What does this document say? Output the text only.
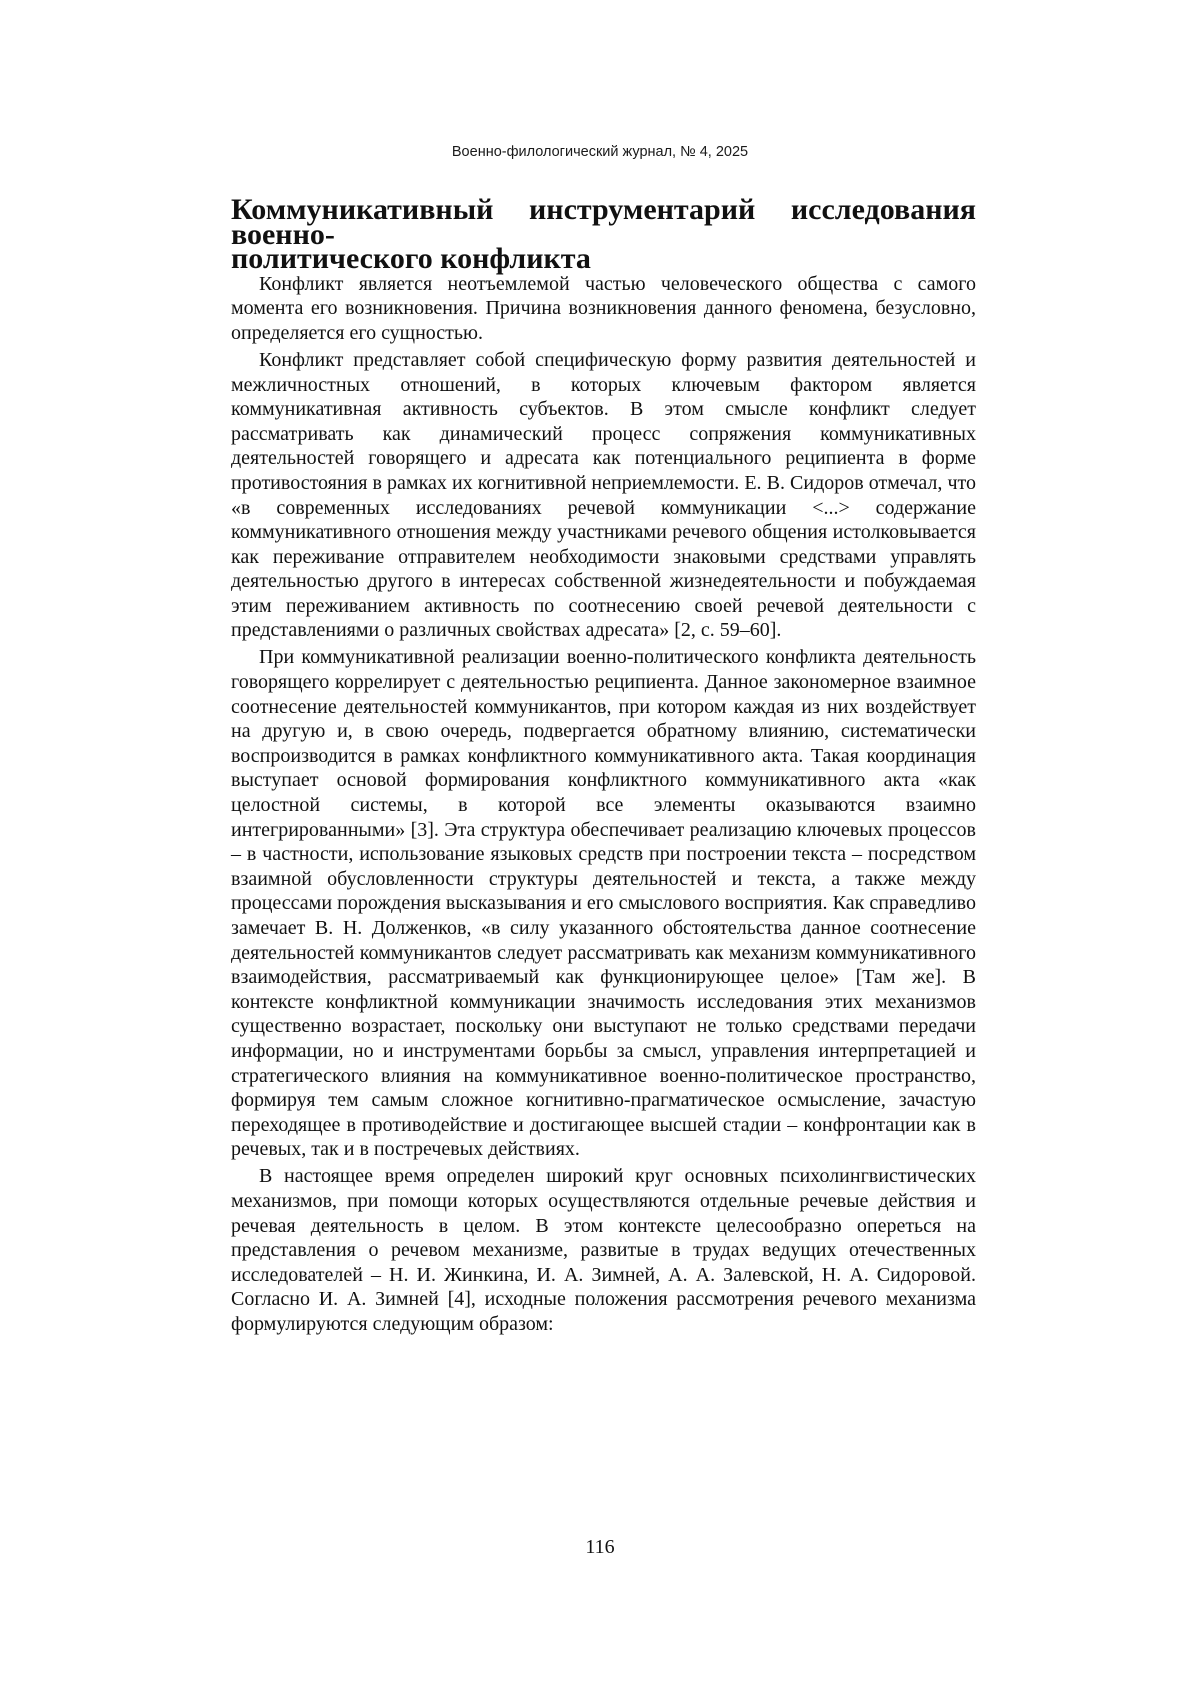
Военно-филологический журнал, № 4, 2025
Коммуникативный инструментарий исследования военно-
политического конфликта

Конфликт является неотъемлемой частью человеческого общества с самого момента его возникновения. Причина возникновения данного феномена, безусловно, определяется его сущностью.

Конфликт представляет собой специфическую форму развития деятельностей и межличностных отношений, в которых ключевым фактором является коммуникативная активность субъектов. В этом смысле конфликт следует рассматривать как динамический процесс сопряжения коммуникативных деятельностей говорящего и адресата как потенциального реципиента в форме противостояния в рамках их когнитивной неприемлемости. Е. В. Сидоров отмечал, что «в современных исследованиях речевой коммуникации <...> содержание коммуникативного отношения между участниками речевого общения истолковывается как переживание отправителем необходимости знаковыми средствами управлять деятельностью другого в интересах собственной жизнедеятельности и побуждаемая этим переживанием активность по соотнесению своей речевой деятельности с представлениями о различных свойствах адресата» [2, с. 59–60].

При коммуникативной реализации военно-политического конфликта деятельность говорящего коррелирует с деятельностью реципиента. Данное закономерное взаимное соотнесение деятельностей коммуникантов, при котором каждая из них воздействует на другую и, в свою очередь, подвергается обратному влиянию, систематически воспроизводится в рамках конфликтного коммуникативного акта. Такая координация выступает основой формирования конфликтного коммуникативного акта «как целостной системы, в которой все элементы оказываются взаимно интегрированными» [3]. Эта структура обеспечивает реализацию ключевых процессов – в частности, использование языковых средств при построении текста – посредством взаимной обусловленности структуры деятельностей и текста, а также между процессами порождения высказывания и его смыслового восприятия. Как справедливо замечает В. Н. Долженков, «в силу указанного обстоятельства данное соотнесение деятельностей коммуникантов следует рассматривать как механизм коммуникативного взаимодействия, рассматриваемый как функционирующее целое» [Там же]. В контексте конфликтной коммуникации значимость исследования этих механизмов существенно возрастает, поскольку они выступают не только средствами передачи информации, но и инструментами борьбы за смысл, управления интерпретацией и стратегического влияния на коммуникативное военно-политическое пространство, формируя тем самым сложное когнитивно-прагматическое осмысление, зачастую переходящее в противодействие и достигающее высшей стадии – конфронтации как в речевых, так и в постречевых действиях.

В настоящее время определен широкий круг основных психолингвистических механизмов, при помощи которых осуществляются отдельные речевые действия и речевая деятельность в целом. В этом контексте целесообразно опереться на представления о речевом механизме, развитые в трудах ведущих отечественных исследователей – Н. И. Жинкина, И. А. Зимней, А. А. Залевской, Н. А. Сидоровой. Согласно И. А. Зимней [4], исходные положения рассмотрения речевого механизма формулируются следующим образом:

116
